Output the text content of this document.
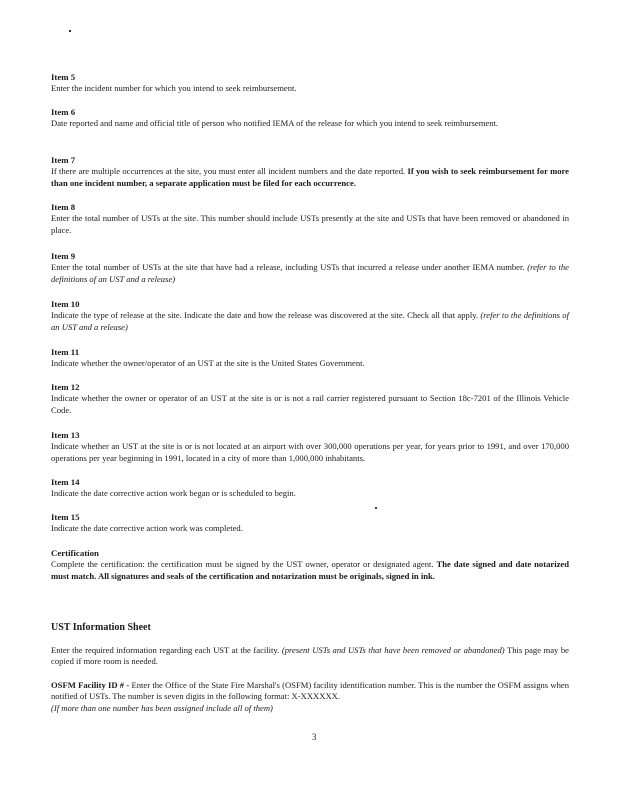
Item 5

Enter the incident number for which you intend to seek reimbursement.

Item 6

Date reported and name and official title of person who notified IEMA of the release for which you intend to seek reimbursement.

Item 7

If there are multiple occurrences at the site, you must enter all incident numbers and the date reported. If you wish to seek reimbursement for more than one incident number, a separate application must be filed for each occurrence.

Item 8

Enter the total number of USTs at the site. This number should include USTs presently at the site and USTs that have been removed or abandoned in place.

Item 9

Enter the total number of USTs at the site that have had a release, including USTs that incurred a release under another IEMA number. (refer to the definitions of an UST and a release)

Item 10

Indicate the type of release at the site. Indicate the date and how the release was discovered at the site. Check all that apply. (refer to the definitions of an UST and a release)

Item 11

Indicate whether the owner/operator of an UST at the site is the United States Government.

Item 12

Indicate whether the owner or operator of an UST at the site is or is not a rail carrier registered pursuant to Section 18c-7201 of the Illinois Vehicle Code.

Item 13

Indicate whether an UST at the site is or is not located at an airport with over 300,000 operations per year, for years prior to 1991, and over 170,000 operations per year beginning in 1991, located in a city of more than 1,000,000 inhabitants.

Item 14

Indicate the date corrective action work began or is scheduled to begin.

Item 15

Indicate the date corrective action work was completed.

Certification

Complete the certification: the certification must be signed by the UST owner, operator or designated agent. The date signed and date notarized must match. All signatures and seals of the certification and notarization must be originals, signed in ink.

UST Information Sheet

Enter the required information regarding each UST at the facility. (present USTs and USTs that have been removed or abandoned) This page may be copied if more room is needed.

OSFM Facility ID # - Enter the Office of the State Fire Marshal's (OSFM) facility identification number. This is the number the OSFM assigns when notified of USTs. The number is seven digits in the following format: X-XXXXXX.
(If more than one number has been assigned include all of them)

3
